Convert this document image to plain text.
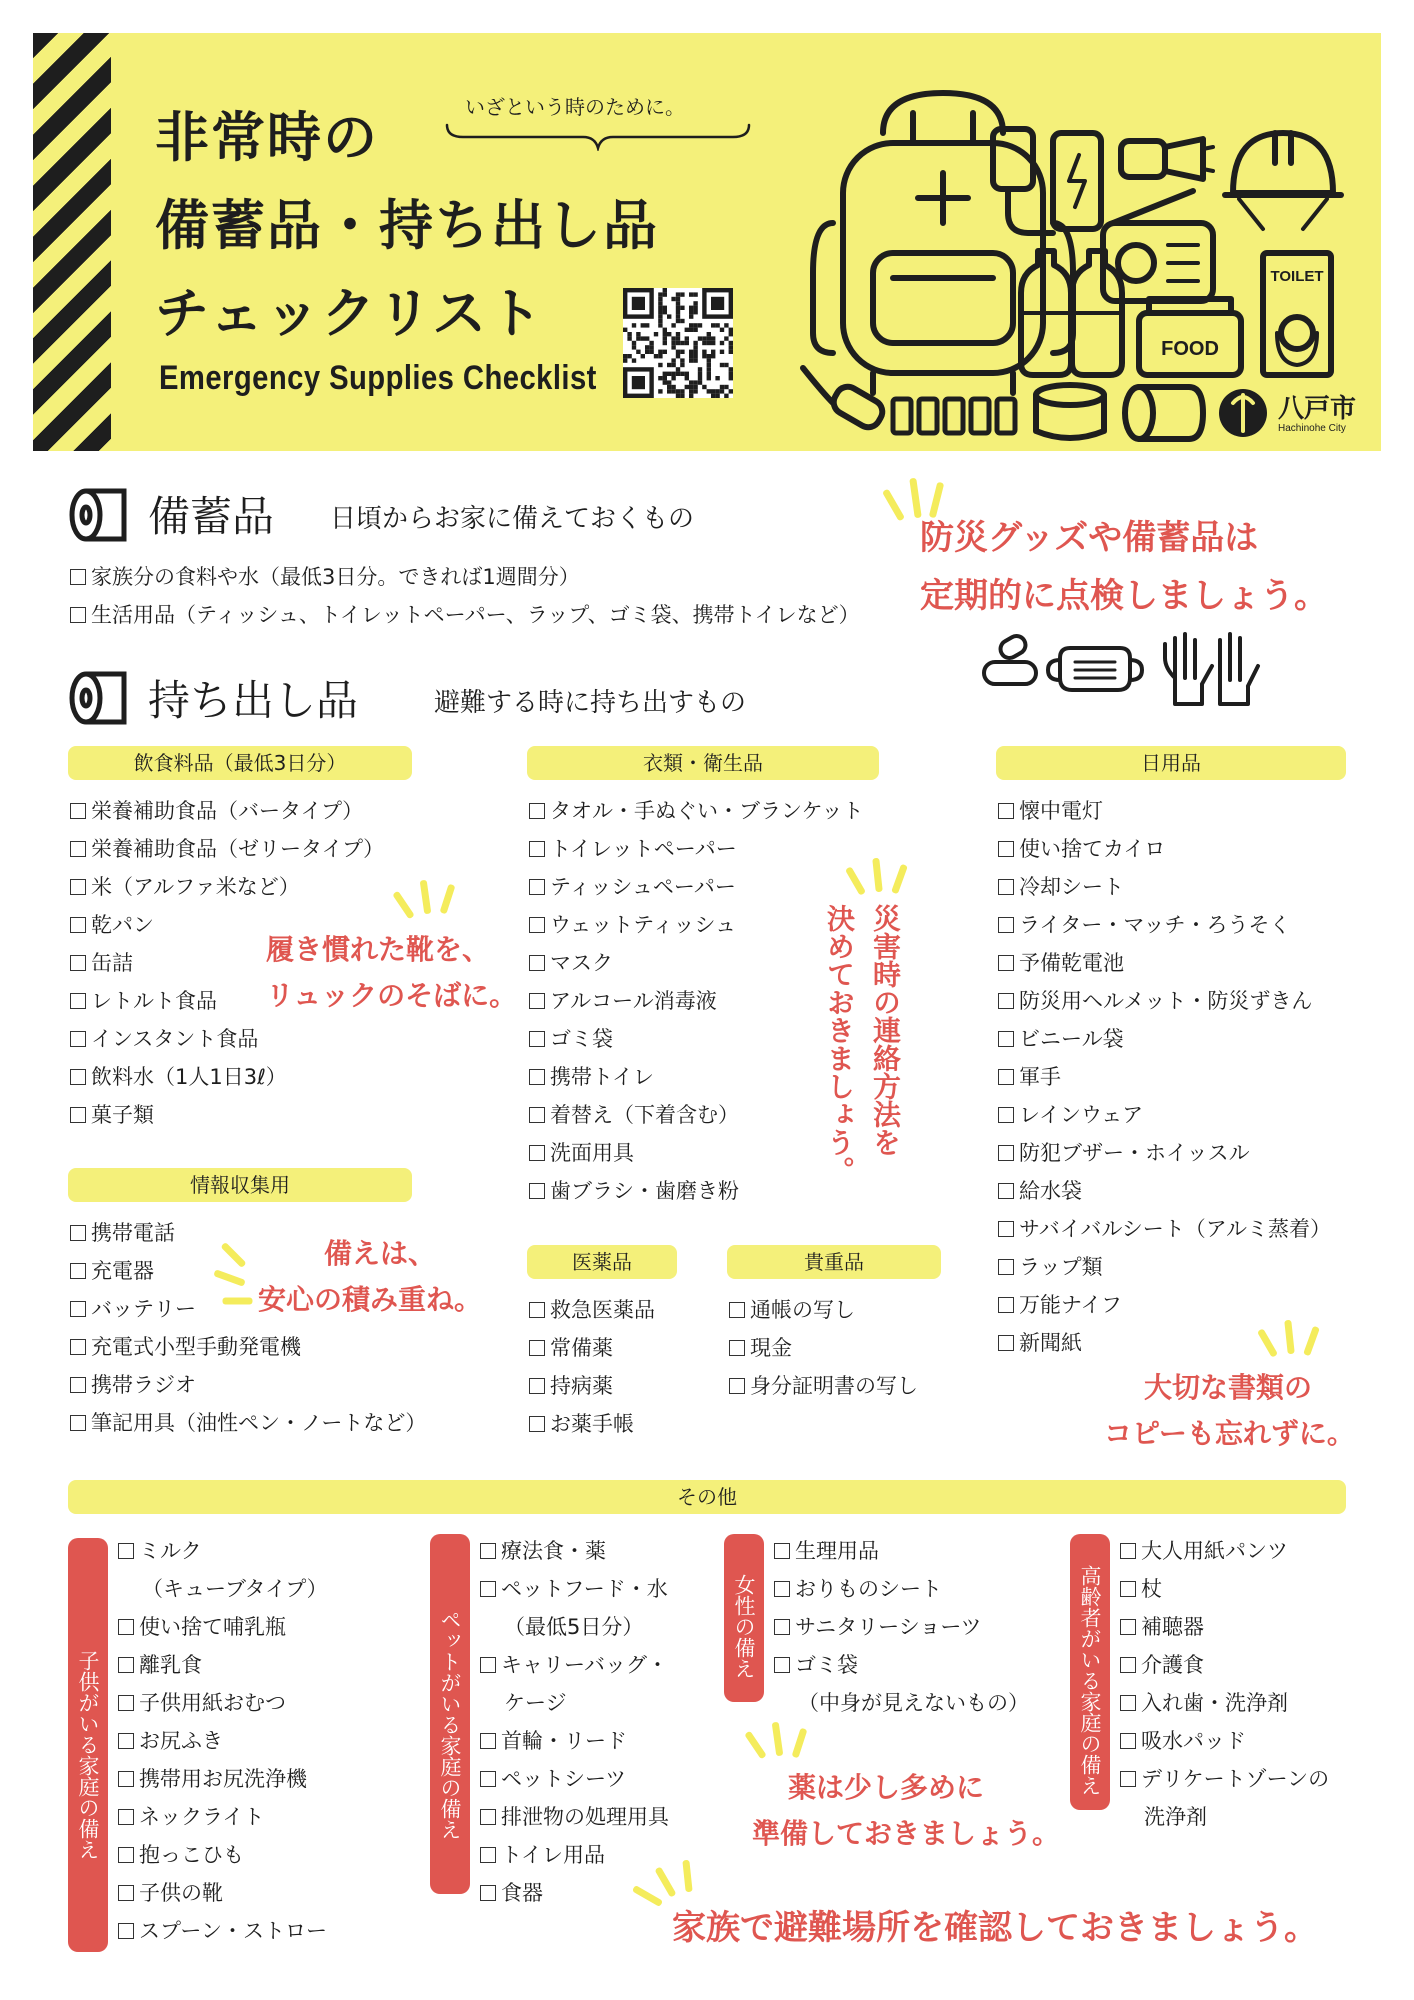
非常時の
備蓄品・持ち出し品
チェックリスト
いざという時のために。
Emergency Supplies Checklist
FOOD
TOILET
八戸市
Hachinohe City
備蓄品 日頃からお家に備えておくもの
家族分の食料や水（最低3日分。できれば1週間分）
生活用品（ティッシュ、トイレットペーパー、ラップ、ゴミ袋、携帯トイレなど）
防災グッズや備蓄品は
定期的に点検しましょう。
持ち出し品	避難する時に持ち出すもの
飲食料品（最低3日分）
栄養補助食品（バータイプ）
栄養補助食品（ゼリータイプ）
米（アルファ米など）
乾パン
缶詰
レトルト食品
インスタント食品
飲料水（1人1日3ℓ）
菓子類
情報収集用
携帯電話
充電器
バッテリー
充電式小型手動発電機
携帯ラジオ
筆記用具（油性ペン・ノートなど）
衣類・衛生品
タオル・手ぬぐい・ブランケット
トイレットペーパー
ティッシュペーパー
ウェットティッシュ
マスク
アルコール消毒液
ゴミ袋
携帯トイレ
着替え（下着含む）
洗面用具
歯ブラシ・歯磨き粉
医薬品
救急医薬品
常備薬
持病薬
お薬手帳
貴重品
通帳の写し
現金
身分証明書の写し
日用品
懐中電灯
使い捨てカイロ
冷却シート
ライター・マッチ・ろうそく
予備乾電池
防災用ヘルメット・防災ずきん
ビニール袋
軍手
レインウェア
防犯ブザー・ホイッスル
給水袋
サバイバルシート（アルミ蒸着）
ラップ類
万能ナイフ
新聞紙
履き慣れた靴を、
リュックのそばに。	災害時の連絡方法を
決めておきましょう。
備えは、
安心の積み重ね。
大切な書類の
コピーも忘れずに。
その他
子供がいる家庭の備え
ミルク
（キューブタイプ）
使い捨て哺乳瓶
離乳食
子供用紙おむつ
お尻ふき
携帯用お尻洗浄機
ネックライト
抱っこひも
子供の靴
スプーン・ストロー
ペットがいる家庭の備え
療法食・薬
ペットフード・水
（最低5日分）
キャリーバッグ・
ケージ
首輪・リード
ペットシーツ
排泄物の処理用具
トイレ用品
食器
女性の備え
生理用品
おりものシート
サニタリーショーツ
ゴミ袋
（中身が見えないもの）	高齢者がいる家庭の備え
大人用紙パンツ
杖
補聴器
介護食
入れ歯・洗浄剤
吸水パッド
デリケートゾーンの
洗浄剤
薬は少し多めに
準備しておきましょう。
家族で避難場所を確認しておきましょう。
